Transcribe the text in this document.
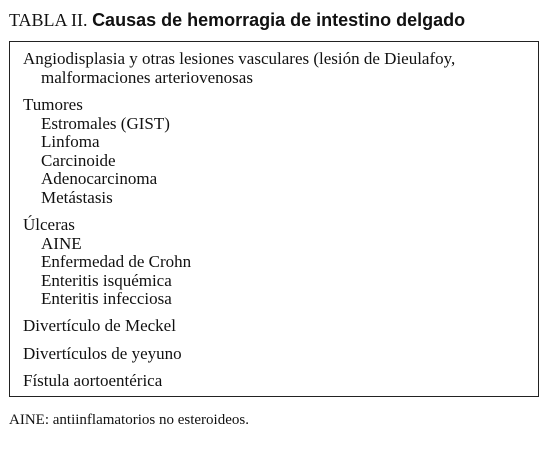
TABLA II. Causas de hemorragia de intestino delgado
Angiodisplasia y otras lesiones vasculares (lesión de Dieulafoy,
malformaciones arteriovenosas
Tumores
Estromales (GIST)
Linfoma
Carcinoide
Adenocarcinoma
Metástasis
Úlceras
AINE
Enfermedad de Crohn
Enteritis isquémica
Enteritis infecciosa
Divertículo de Meckel
Divertículos de yeyuno
Fístula aortoentérica
AINE: antiinflamatorios no esteroideos.
